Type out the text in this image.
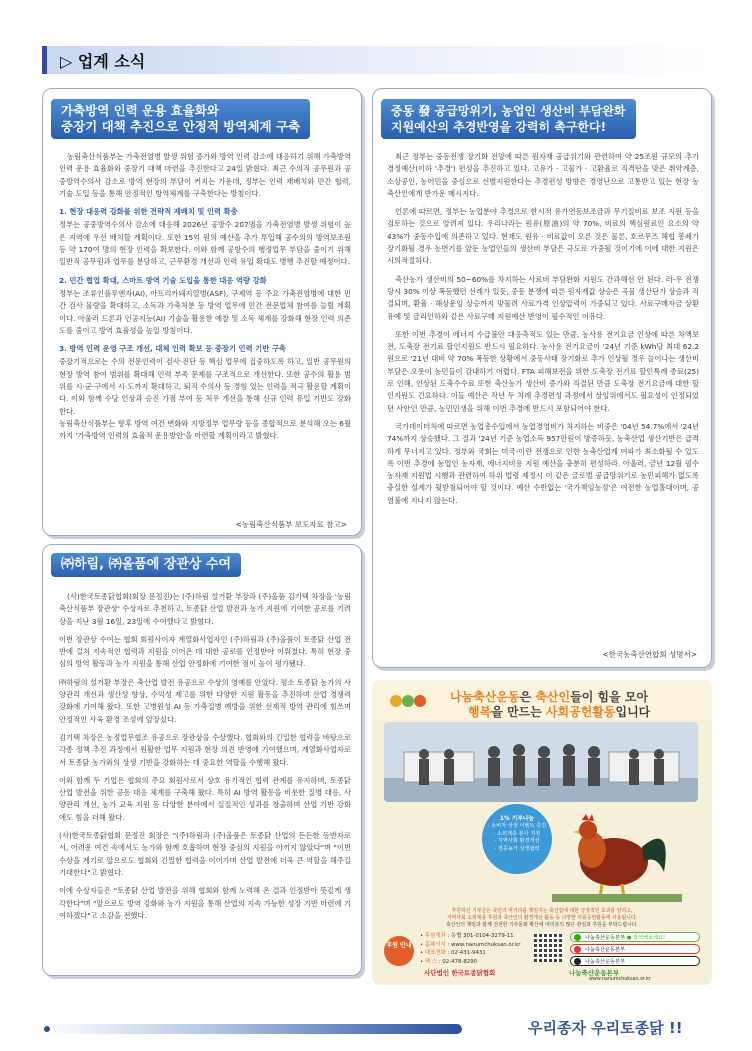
▷ 업계 소식
가축방역 인력 운용 효율화와
중장기 대책 추진으로 안정적 방역체계 구축

농림축산식품부는 가축전염병 발생 위험 증가와 방역 인력 감소에 대응하기 위해 가축방역 인력 운용 효율화와 중장기 대책 마련을 추진한다고 24일 밝혔다. 최근 수의직 공무원과 공중방역수의사 감소로 방역 현장의 부담이 커지는 가운데, 정부는 인력 재배치와 민간 협력, 기술 도입 등을 통해 안정적인 방역체계를 구축한다는 방침이다.

1. 현장 대응력 강화를 위한 전략적 재배치 및 인력 확충

정부는 공중방역수의사 감소에 대응해 2026년 공방수 207명을 가축전염병 발생 위험이 높은 지역에 우선 배치할 계획이다. 또한 15억 원의 예산을 추가 투입해 공수의의 방역보조원 등 약 170여 명의 현장 인력을 확보한다. 이와 함께 공방수의 행정업무 부담을 줄이기 위해 일반직 공무원과 업무를 분담하고, 근무환경 개선과 인력 유입 확대도 병행 추진할 예정이다.

2. 민간 협업 확대, 스마트 방역 기술 도입을 통한 대응 역량 강화

정부는 조류인플루엔자(AI), 아프리카돼지열병(ASF), 구제역 등 주요 가축전염병에 대한 민간 검사 물량을 확대하고, 소독과 가축처분 등 방역 업무에 민간 전문업체 참여를 늘릴 계획이다. 아울러 드론과 인공지능(AI) 기술을 활용한 예찰 및 소독 체계를 강화해 현장 인력 의존도를 줄이고 방역 효율성을 높일 방침이다.

3. 방역 인력 운영 구조 개선, 대체 인력 확보 등 중장기 인력 기반 구축

중장기적으로는 수의 전문인력이 검사·진단 등 핵심 업무에 집중하도록 하고, 일반 공무원의 현장 방역 참여 범위를 확대해 인력 부족 문제를 구조적으로 개선한다. 또한 공수의 활용 범위를 시·군·구에서 시·도까지 확대하고, 퇴직 수의사 등 경험 있는 인력을 적극 활용할 계획이다. 이와 함께 수당 인상과 승진 가점 부여 등 처우 개선을 통해 신규 인력 유입 기반도 강화한다.

농림축산식품부는 향후 방역 여건 변화와 지방정부 업무량 등을 종합적으로 분석해 오는 6월까지 '가축방역 인력의 효율적 운용방안'을 마련할 계획이라고 밝혔다.

<농림축산식품부 보도자료 참고>
㈜하림, ㈜올품에 장관상 수여

(사)한국토종닭협회(회장 문정진)는 (주)하림 설거환 부장과 (주)올품 김기택 차장을 '농림축산식품부 장관상' 수상자로 추천하고, 토종닭 산업 발전과 농가 지원에 기여한 공로를 기려 상을 지난 3월 16일, 23일에 수여했다고 밝혔다.

이번 장관상 수여는 협회 회원사이자 계열화사업자인 (주)하림과 (주)올품이 토종닭 산업 전반에 걸쳐 지속적인 협력과 지원을 이어온 데 대한 공로를 인정받아 이뤄졌다. 특히 현장 중심의 방역 활동과 농가 지원을 통해 산업 안정화에 기여한 점이 높이 평가됐다.

㈜하림의 설거환 부장은 축산업 발전 유공으로 수상의 영예를 안았다. 평소 토종닭 농가의 사양관리 개선과 생산성 향상, 수익성 제고를 위한 다양한 지원 활동을 추진하며 산업 경쟁력 강화에 기여해 왔다. 또한 고병원성 AI 등 가축질병 예방을 위한 선제적 방역 관리에 힘쓰며 안정적인 사육 환경 조성에 앞장섰다.

김기택 차장은 농정업무협조 유공으로 장관상을 수상했다. 협회와의 긴밀한 협력을 바탕으로 각종 정책 추진 과정에서 원활한 업무 지원과 현장 의견 반영에 기여했으며, 계열화사업자로서 토종닭 농가와의 상생 기반을 강화하는 데 중요한 역할을 수행해 왔다.

이와 함께 두 기업은 협회의 주요 회원사로서 상호 유기적인 협력 관계를 유지하며, 토종닭 산업 발전을 위한 공동 대응 체계를 구축해 왔다. 특히 AI 방역 활동을 비롯한 질병 대응, 사양관리 개선, 농가 교육 지원 등 다양한 분야에서 실질적인 성과를 창출하며 산업 기반 강화에도 힘을 더해 왔다.

(사)한국토종닭협회 문정진 회장은 "(주)하림과 (주)올품은 토종닭 산업의 든든한 동반자로서, 어려운 여건 속에서도 농가와 함께 호흡하며 현장 중심의 지원을 아끼지 않았다"며 "이번 수상을 계기로 앞으로도 협회와 긴밀한 협력을 이어가며 산업 발전에 더욱 큰 역할을 해주길 기대한다"고 밝혔다.

이에 수상자들은 "토종닭 산업 발전을 위해 협회와 함께 노력해 온 결과 인정받아 뜻깊게 생각한다"며 "앞으로도 방역 강화와 농가 지원을 통해 산업의 지속 가능한 성장 기반 마련에 기여하겠다"고 소감을 전했다.

중동 發 공급망위기, 농업인 생산비 부담완화
지원예산의 추경반영을 강력히 촉구한다!

최근 정부는 중동전쟁 장기화 전망에 따른 원자재 공급위기와 관련하여 약 25조원 규모의 추가경정예산(이하 '추경') 편성을 추진하고 있다. 고유가 · 고물가 · 고환율로 직격탄을 맞은 취약계층, 소상공인, 농어민을 중심으로 선별지원한다는 추경편성 방향은 경영난으로 고통받고 있는 현장 농축산인에게 반가운 메시지다.

언론에 따르면, 정부는 농업분야 추경으로 한시적 유가연동보조금과 무기질비료 보조 지원 등을 검토하는 것으로 알려져 있다. 우리나라는 원유(原油)의 약 70%, 비료의 핵심원료인 요소의 약 43%가 중동수입에 의존하고 있다. 현재도 원유 · 비료값이 오른 것은 물론, 호르무즈 해협 봉쇄가 장기화될 경우 농번기를 앞둔 농업인들의 생산비 부담은 극도로 가중될 것이기에 이에 대한 지원은 시의적절하다.

축산농가 생산비의 50~60%를 차지하는 사료비 부담완화 지원도 간과해선 안 된다. 러-우 전쟁 당시 30% 이상 폭등했던 선례가 있듯, 중동 분쟁에 따른 원자재값 상승은 곡물 생산단가 상승과 직결되며, 환율 · 해상운임 상승까지 맞물려 사료가격 인상압력이 가중되고 있다. 사료구매자금 상환유예 및 금리인하와 같은 사료구매 지원예산 반영이 필수적인 이유다.

또한 이번 추경이 에너지 수급불안 대응측적도 있는 만큼, 농사용 전기요금 인상에 따른 차액보전, 도축장 전기료 할인지원도 반드시 필요하다. 농사용 전기요금이 '24년 기준 kWh당 최대 62.2원으로 '21년 대비 약 70% 폭등한 상황에서 중동사태 장기화로 추가 인상될 경우 늘어나는 생산비 부담은 오롯이 농민들이 감내하기 어렵다. FTA 피해보전을 위한 도축장 전기료 할인특례 종료(25)로 인해, 인상된 도축수수료 또한 축산농가 생산비 증가와 직결된 만큼 도축장 전기요금에 대한 할인지원도 긴요하다. 이들 예산은 작년 두 차례 추경편성 과정에서 상임위에서도 필요성이 인정되었던 사안인 만큼, 농민민생을 위해 이번 추경에 반드시 포함되어야 한다.

국가데이터처에 따르면 농업총수입에서 농업경영비가 차지하는 비중은 '04년 54.7%에서 '24년 74%까지 상승했다. 그 결과 '24년 기준 농업소득 957만원이 방증하듯, 농축산업 생산기반은 급격하게 무너지고 있다. 정부와 국회는 미국-이란 전쟁으로 인한 농축산업계 여파가 최소화될 수 있도록 이번 추경에 농업인 농자재, 에너지비용 지원 예산을 충분히 편성하라. 아울러, 금년 12월 필수농자재 지원법 시행과 관련하여 하위 법령 제정시 이 같은 글로벌 공급망위기로 농민피해가 없도록 충실한 설계가 뒷받침되어야 할 것이다. 예산 수반없는 '국가책임농정'은 여전한 농업홀대이며, 공염불에 지나지 않는다.

<한국농축산연합회 성명서>
나눔축산운동은 축산인들이 힘을 모아
행복을 만드는 사회공헌활동입니다
1% 기부나눔
· 소비자 상생 이벤트 증진
· 소외계층 봉사 지원
· 지역사회 환경개선
· 경종농가 상생협력
후원하신 기부금은 국민의 먹거리를 책임지는 축산업에 대한 긍정적인 효과를 알리고,
지역사회 소외계층 후원과 축산인의 환경개선 활동 등 다양한 사회공헌활동에 사용됩니다.
축산인의 책임과 함께 건전한 기부문화 확산에 여러분의 많은 관심과 후원을 부탁드립니다.
후원 안내
• 후원계좌 : 농협 301-0104-3279-11
• 홈페이지 : www.nanumchuksan.or.kr
• 대표전화 : 02-431-9431
• 팩 스 : 02-478-8290
나눔축산운동본부 ● 검색해보세요!
나눔축산운동본부
나눔축산운동본부
사단법인 한국토종닭협회	나눔축산운동본부
www.nanumchuksan.or.kr
우리종자 우리토종닭 !!
